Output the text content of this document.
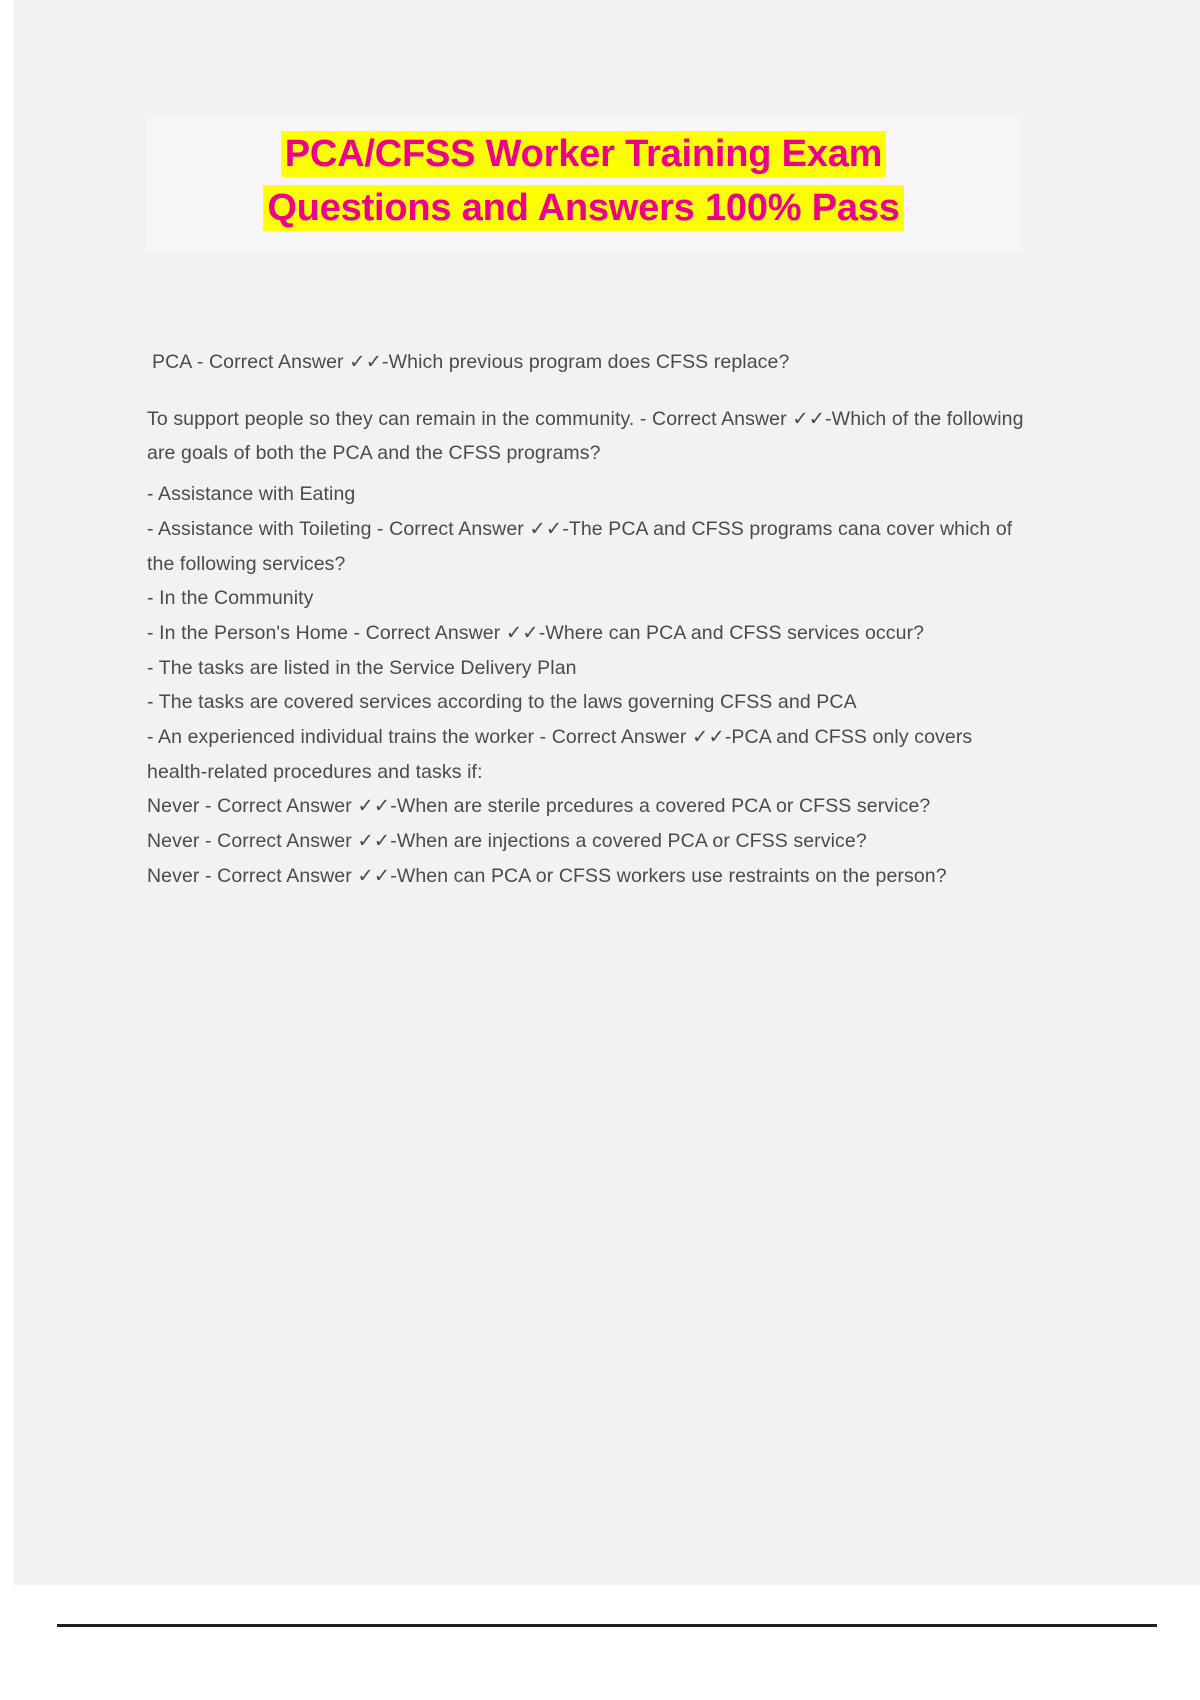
PCA/CFSS Worker Training Exam
Questions and Answers 100% Pass

PCA - Correct Answer ✓✓-Which previous program does CFSS replace?

To support people so they can remain in the community. - Correct Answer ✓✓-Which of the following are goals of both the PCA and the CFSS programs?

- Assistance with Eating

- Assistance with Toileting - Correct Answer ✓✓-The PCA and CFSS programs cana cover which of the following services?

- In the Community

- In the Person's Home - Correct Answer ✓✓-Where can PCA and CFSS services occur?

- The tasks are listed in the Service Delivery Plan

- The tasks are covered services according to the laws governing CFSS and PCA

- An experienced individual trains the worker - Correct Answer ✓✓-PCA and CFSS only covers health-related procedures and tasks if:

Never - Correct Answer ✓✓-When are sterile prcedures a covered PCA or CFSS service?

Never - Correct Answer ✓✓-When are injections a covered PCA or CFSS service?

Never - Correct Answer ✓✓-When can PCA or CFSS workers use restraints on the person?
